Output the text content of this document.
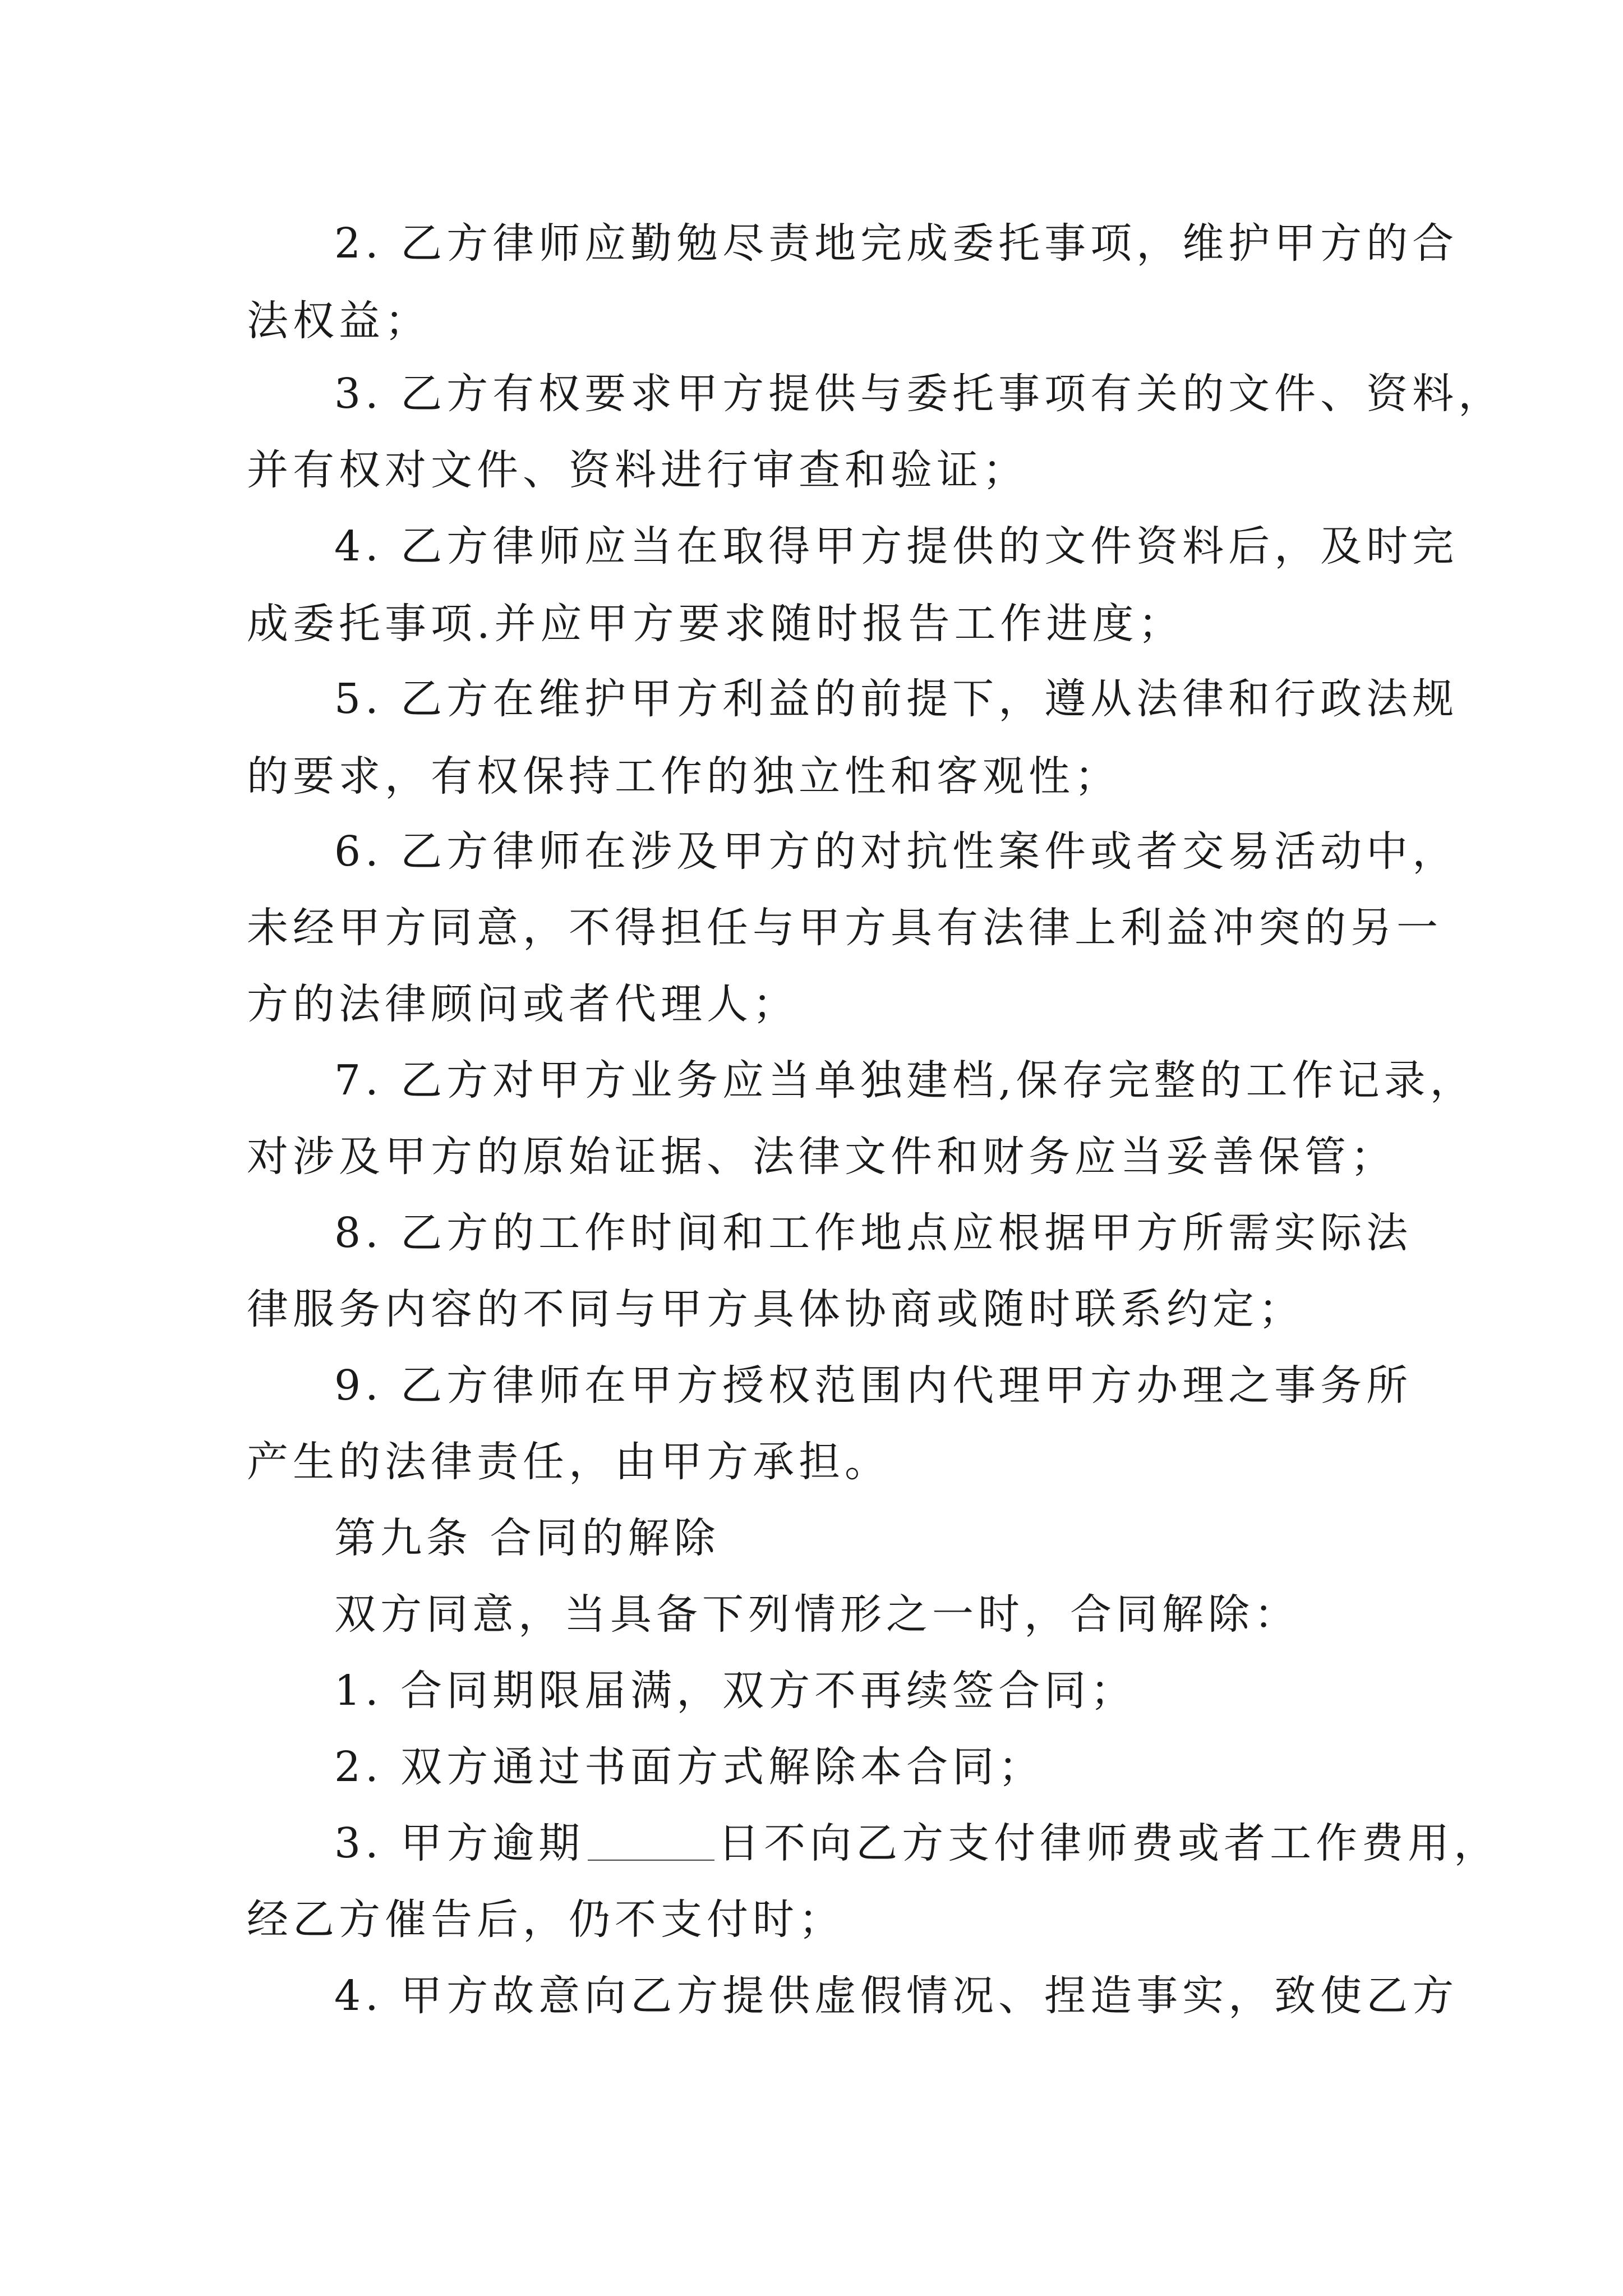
2. 乙方律师应勤勉尽责地完成委托事项，维护甲方的合
法权益；
3. 乙方有权要求甲方提供与委托事项有关的文件、资料，
并有权对文件、资料进行审查和验证；
4. 乙方律师应当在取得甲方提供的文件资料后，及时完
成委托事项.并应甲方要求随时报告工作进度；
5. 乙方在维护甲方利益的前提下，遵从法律和行政法规
的要求，有权保持工作的独立性和客观性；
6. 乙方律师在涉及甲方的对抗性案件或者交易活动中，
未经甲方同意，不得担任与甲方具有法律上利益冲突的另一
方的法律顾问或者代理人；
7. 乙方对甲方业务应当单独建档,保存完整的工作记录，
对涉及甲方的原始证据、法律文件和财务应当妥善保管；
8. 乙方的工作时间和工作地点应根据甲方所需实际法
律服务内容的不同与甲方具体协商或随时联系约定；
9. 乙方律师在甲方授权范围内代理甲方办理之事务所
产生的法律责任，由甲方承担。
第九条 合同的解除
双方同意，当具备下列情形之一时，合同解除：
1. 合同期限届满，双方不再续签合同；
2. 双方通过书面方式解除本合同；
3. 甲方逾期	日不向乙方支付律师费或者工作费用，
经乙方催告后，仍不支付时；
4. 甲方故意向乙方提供虚假情况、捏造事实，致使乙方
